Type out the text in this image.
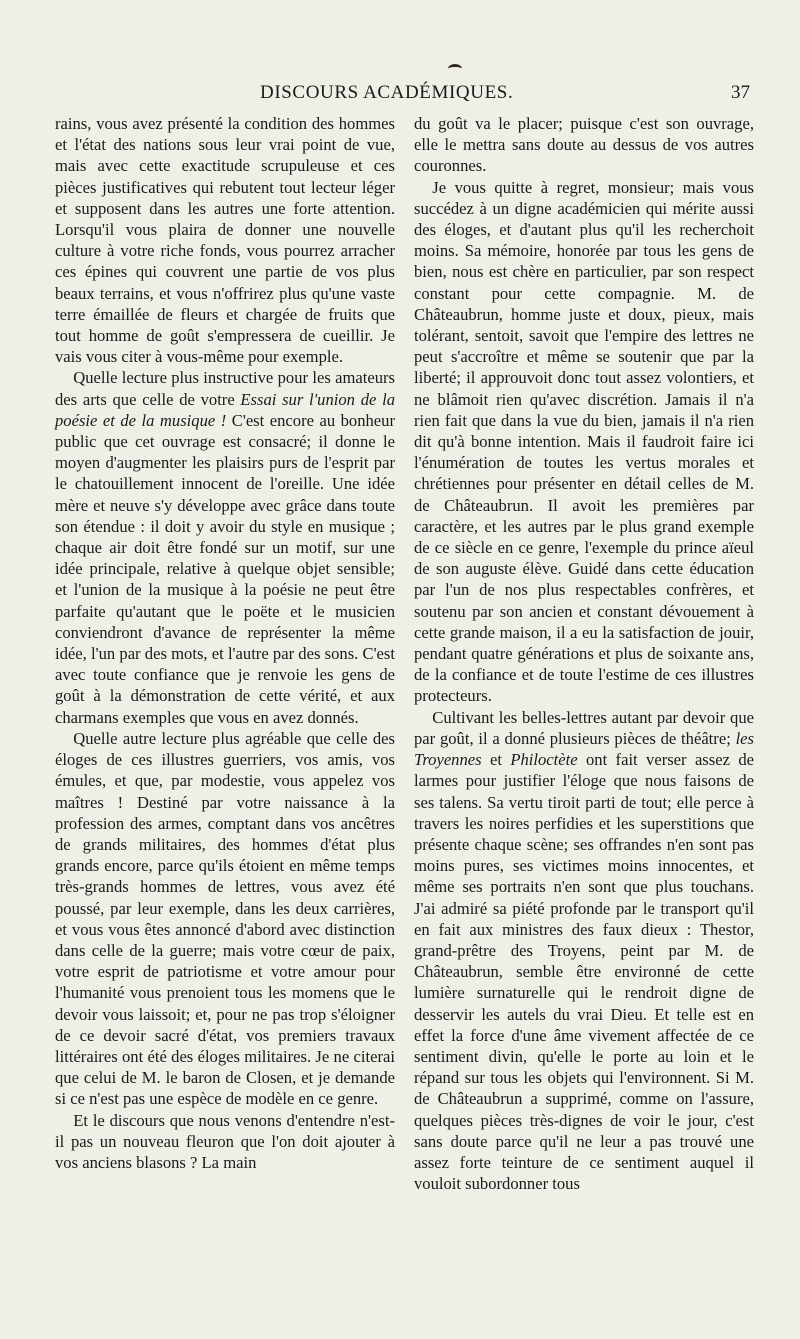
DISCOURS ACADÉMIQUES.	37

rains, vous avez présenté la condition des hommes et l'état des nations sous leur vrai point de vue, mais avec cette exactitude scrupuleuse et ces pièces justificatives qui rebutent tout lecteur léger et supposent dans les autres une forte attention. Lorsqu'il vous plaira de donner une nouvelle culture à votre riche fonds, vous pourrez arracher ces épines qui couvrent une partie de vos plus beaux terrains, et vous n'offrirez plus qu'une vaste terre émaillée de fleurs et chargée de fruits que tout homme de goût s'empressera de cueillir. Je vais vous citer à vous-même pour exemple.

Quelle lecture plus instructive pour les amateurs des arts que celle de votre Essai sur l'union de la poésie et de la musique ! C'est encore au bonheur public que cet ouvrage est consacré; il donne le moyen d'augmenter les plaisirs purs de l'esprit par le chatouillement innocent de l'oreille. Une idée mère et neuve s'y développe avec grâce dans toute son étendue : il doit y avoir du style en musique ; chaque air doit être fondé sur un motif, sur une idée principale, relative à quelque objet sensible; et l'union de la musique à la poésie ne peut être parfaite qu'autant que le poëte et le musicien conviendront d'avance de représenter la même idée, l'un par des mots, et l'autre par des sons. C'est avec toute confiance que je renvoie les gens de goût à la démonstration de cette vérité, et aux charmans exemples que vous en avez donnés.

Quelle autre lecture plus agréable que celle des éloges de ces illustres guerriers, vos amis, vos émules, et que, par modestie, vous appelez vos maîtres ! Destiné par votre naissance à la profession des armes, comptant dans vos ancêtres de grands militaires, des hommes d'état plus grands encore, parce qu'ils étoient en même temps très-grands hommes de lettres, vous avez été poussé, par leur exemple, dans les deux carrières, et vous vous êtes annoncé d'abord avec distinction dans celle de la guerre; mais votre cœur de paix, votre esprit de patriotisme et votre amour pour l'humanité vous prenoient tous les momens que le devoir vous laissoit; et, pour ne pas trop s'éloigner de ce devoir sacré d'état, vos premiers travaux littéraires ont été des éloges militaires. Je ne citerai que celui de M. le baron de Closen, et je demande si ce n'est pas une espèce de modèle en ce genre.

Et le discours que nous venons d'entendre n'est-il pas un nouveau fleuron que l'on doit ajouter à vos anciens blasons ? La main

du goût va le placer; puisque c'est son ouvrage, elle le mettra sans doute au dessus de vos autres couronnes.

Je vous quitte à regret, monsieur; mais vous succédez à un digne académicien qui mérite aussi des éloges, et d'autant plus qu'il les recherchoit moins. Sa mémoire, honorée par tous les gens de bien, nous est chère en particulier, par son respect constant pour cette compagnie. M. de Châteaubrun, homme juste et doux, pieux, mais tolérant, sentoit, savoit que l'empire des lettres ne peut s'accroître et même se soutenir que par la liberté; il approuvoit donc tout assez volontiers, et ne blâmoit rien qu'avec discrétion. Jamais il n'a rien fait que dans la vue du bien, jamais il n'a rien dit qu'à bonne intention. Mais il faudroit faire ici l'énumération de toutes les vertus morales et chrétiennes pour présenter en détail celles de M. de Châteaubrun. Il avoit les premières par caractère, et les autres par le plus grand exemple de ce siècle en ce genre, l'exemple du prince aïeul de son auguste élève. Guidé dans cette éducation par l'un de nos plus respectables confrères, et soutenu par son ancien et constant dévouement à cette grande maison, il a eu la satisfaction de jouir, pendant quatre générations et plus de soixante ans, de la confiance et de toute l'estime de ces illustres protecteurs.

Cultivant les belles-lettres autant par devoir que par goût, il a donné plusieurs pièces de théâtre; les Troyennes et Philoctète ont fait verser assez de larmes pour justifier l'éloge que nous faisons de ses talens. Sa vertu tiroit parti de tout; elle perce à travers les noires perfidies et les superstitions que présente chaque scène; ses offrandes n'en sont pas moins pures, ses victimes moins innocentes, et même ses portraits n'en sont que plus touchans. J'ai admiré sa piété profonde par le transport qu'il en fait aux ministres des faux dieux : Thestor, grand-prêtre des Troyens, peint par M. de Châteaubrun, semble être environné de cette lumière surnaturelle qui le rendroit digne de desservir les autels du vrai Dieu. Et telle est en effet la force d'une âme vivement affectée de ce sentiment divin, qu'elle le porte au loin et le répand sur tous les objets qui l'environnent. Si M. de Châteaubrun a supprimé, comme on l'assure, quelques pièces très-dignes de voir le jour, c'est sans doute parce qu'il ne leur a pas trouvé une assez forte teinture de ce sentiment auquel il vouloit subordonner tous
